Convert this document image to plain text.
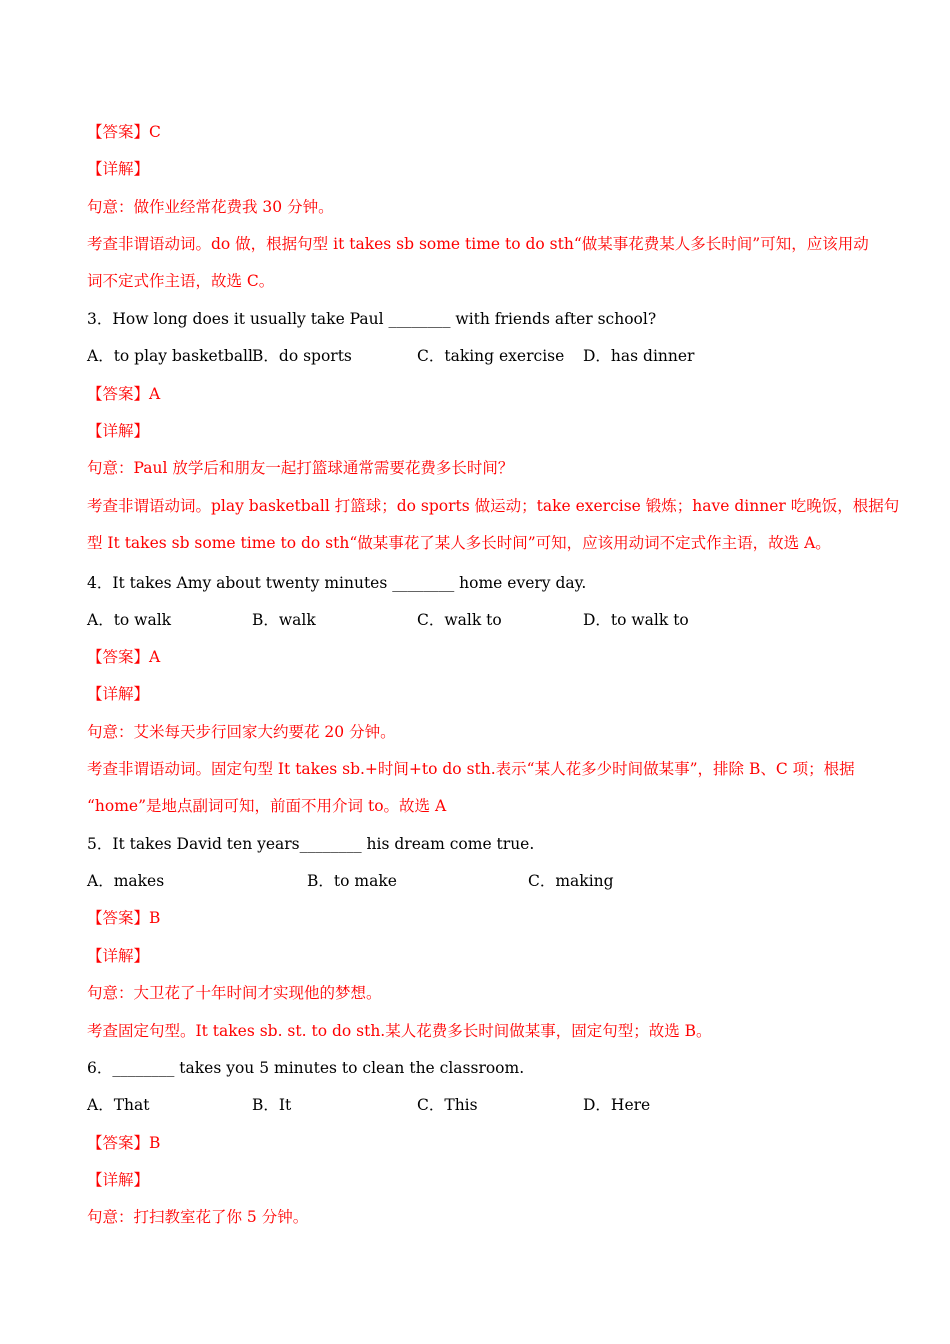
【答案】C
【详解】
句意：做作业经常花费我 30 分钟。
考查非谓语动词。do 做，根据句型 it takes sb some time to do sth“做某事花费某人多长时间”可知，应该用动
词不定式作主语，故选 C。
3．How long does it usually take Paul ________ with friends after school?
A．to play basketball B．do sports	C．taking exercise D．has dinner
【答案】A
【详解】
句意：Paul 放学后和朋友一起打篮球通常需要花费多长时间？
考查非谓语动词。play basketball 打篮球；do sports 做运动；take exercise 锻炼；have dinner 吃晚饭，根据句
型 It takes sb some time to do sth“做某事花了某人多长时间”可知，应该用动词不定式作主语，故选 A。
4．It takes Amy about twenty minutes ________ home every day.
A．to walk	B．walk	C．walk to	D．to walk to
【答案】A
【详解】
句意：艾米每天步行回家大约要花 20 分钟。
考查非谓语动词。固定句型 It takes sb.+时间+to do sth.表示“某人花多少时间做某事”，排除 B、C 项；根据
“home”是地点副词可知，前面不用介词 to。故选 A
5．It takes David ten years________ his dream come true.
A．makes	B．to make	C．making
【答案】B
【详解】
句意：大卫花了十年时间才实现他的梦想。
考查固定句型。It takes sb. st. to do sth.某人花费多长时间做某事，固定句型；故选 B。
6．________ takes you 5 minutes to clean the classroom.
A．That	B．It	C．This	D．Here
【答案】B
【详解】
句意：打扫教室花了你 5 分钟。
